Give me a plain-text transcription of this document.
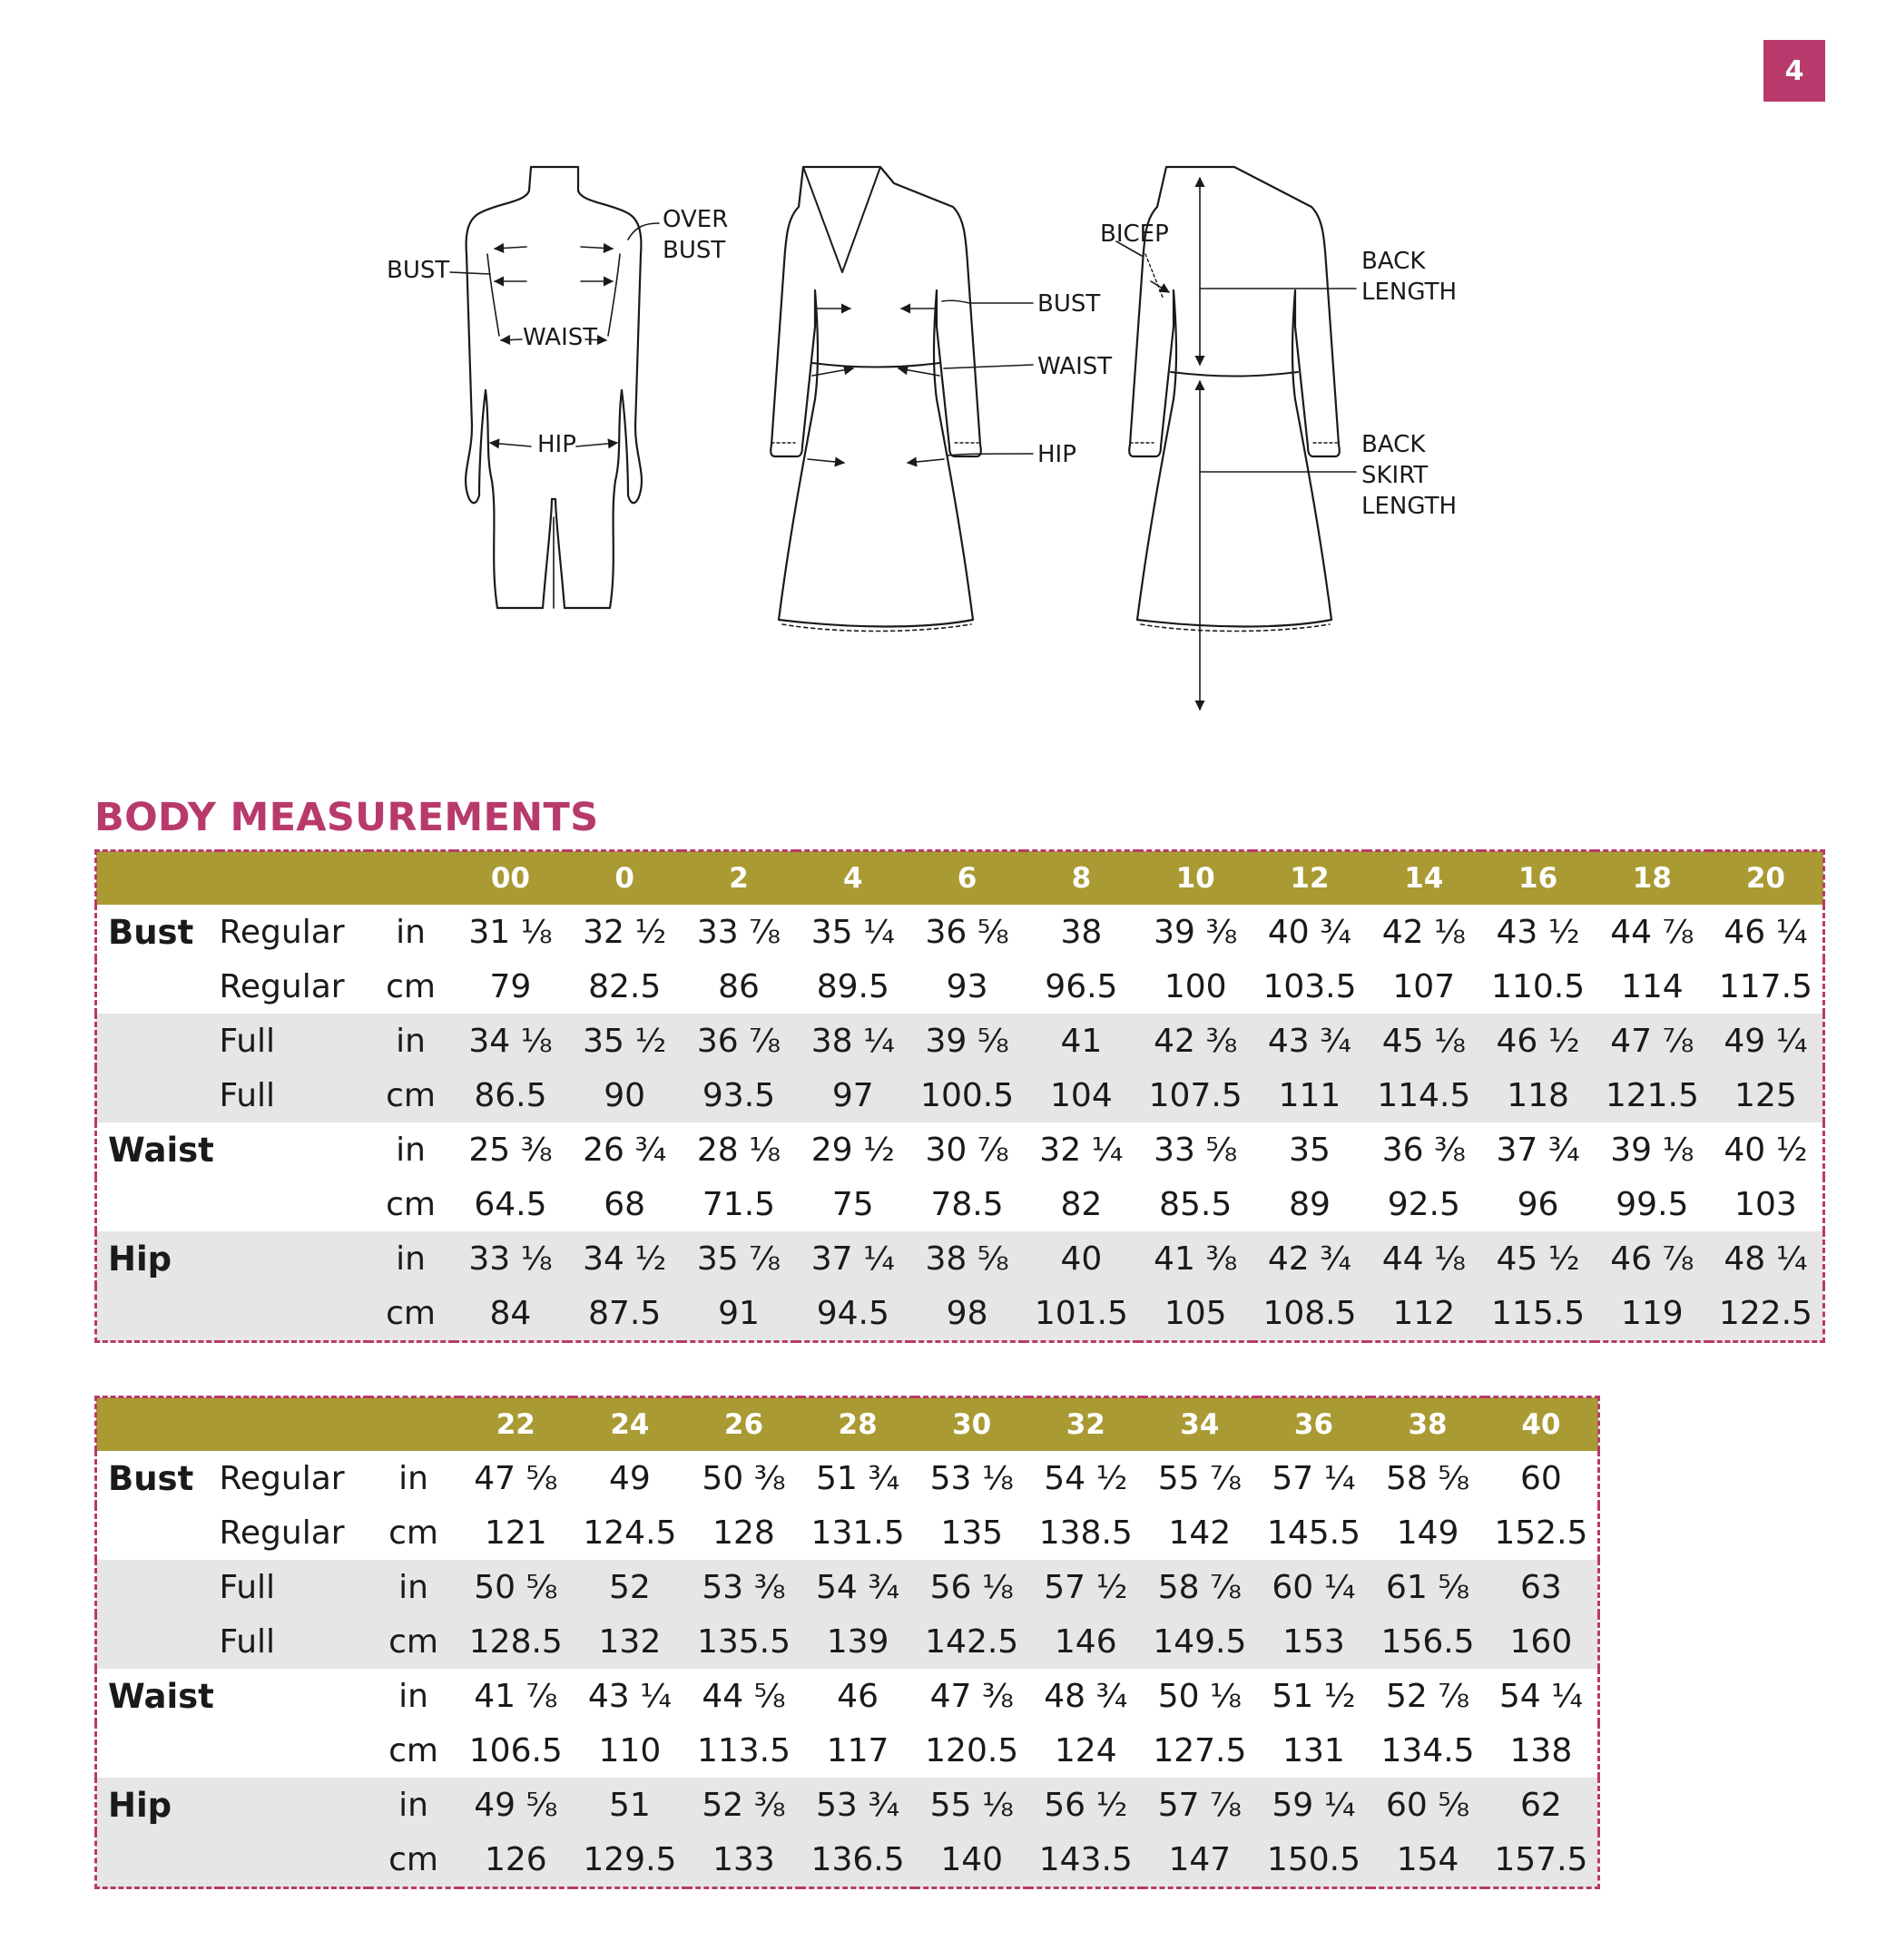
4
BUST
OVER
BUST
WAIST
HIP
BUST
WAIST
HIP
BICEP
BACK
LENGTH
BACK
SKIRT
LENGTH
BODY MEASUREMENTS
			00	0	2	4	6	8	10	12	14	16	18	20
Bust	Regular	in	31 ⅛	32 ½	33 ⅞	35 ¼	36 ⅝	38	39 ⅜	40 ¾	42 ⅛	43 ½	44 ⅞	46 ¼
	Regular	cm	79	82.5	86	89.5	93	96.5	100	103.5	107	110.5	114	117.5
	Full	in	34 ⅛	35 ½	36 ⅞	38 ¼	39 ⅝	41	42 ⅜	43 ¾	45 ⅛	46 ½	47 ⅞	49 ¼
	Full	cm	86.5	90	93.5	97	100.5	104	107.5	111	114.5	118	121.5	125
Waist		in	25 ⅜	26 ¾	28 ⅛	29 ½	30 ⅞	32 ¼	33 ⅝	35	36 ⅜	37 ¾	39 ⅛	40 ½
		cm	64.5	68	71.5	75	78.5	82	85.5	89	92.5	96	99.5	103
Hip		in	33 ⅛	34 ½	35 ⅞	37 ¼	38 ⅝	40	41 ⅜	42 ¾	44 ⅛	45 ½	46 ⅞	48 ¼
		cm	84	87.5	91	94.5	98	101.5	105	108.5	112	115.5	119	122.5
			22	24	26	28	30	32	34	36	38	40
Bust	Regular	in	47 ⅝	49	50 ⅜	51 ¾	53 ⅛	54 ½	55 ⅞	57 ¼	58 ⅝	60
	Regular	cm	121	124.5	128	131.5	135	138.5	142	145.5	149	152.5
	Full	in	50 ⅝	52	53 ⅜	54 ¾	56 ⅛	57 ½	58 ⅞	60 ¼	61 ⅝	63
	Full	cm	128.5	132	135.5	139	142.5	146	149.5	153	156.5	160
Waist		in	41 ⅞	43 ¼	44 ⅝	46	47 ⅜	48 ¾	50 ⅛	51 ½	52 ⅞	54 ¼
		cm	106.5	110	113.5	117	120.5	124	127.5	131	134.5	138
Hip		in	49 ⅝	51	52 ⅜	53 ¾	55 ⅛	56 ½	57 ⅞	59 ¼	60 ⅝	62
		cm	126	129.5	133	136.5	140	143.5	147	150.5	154	157.5
